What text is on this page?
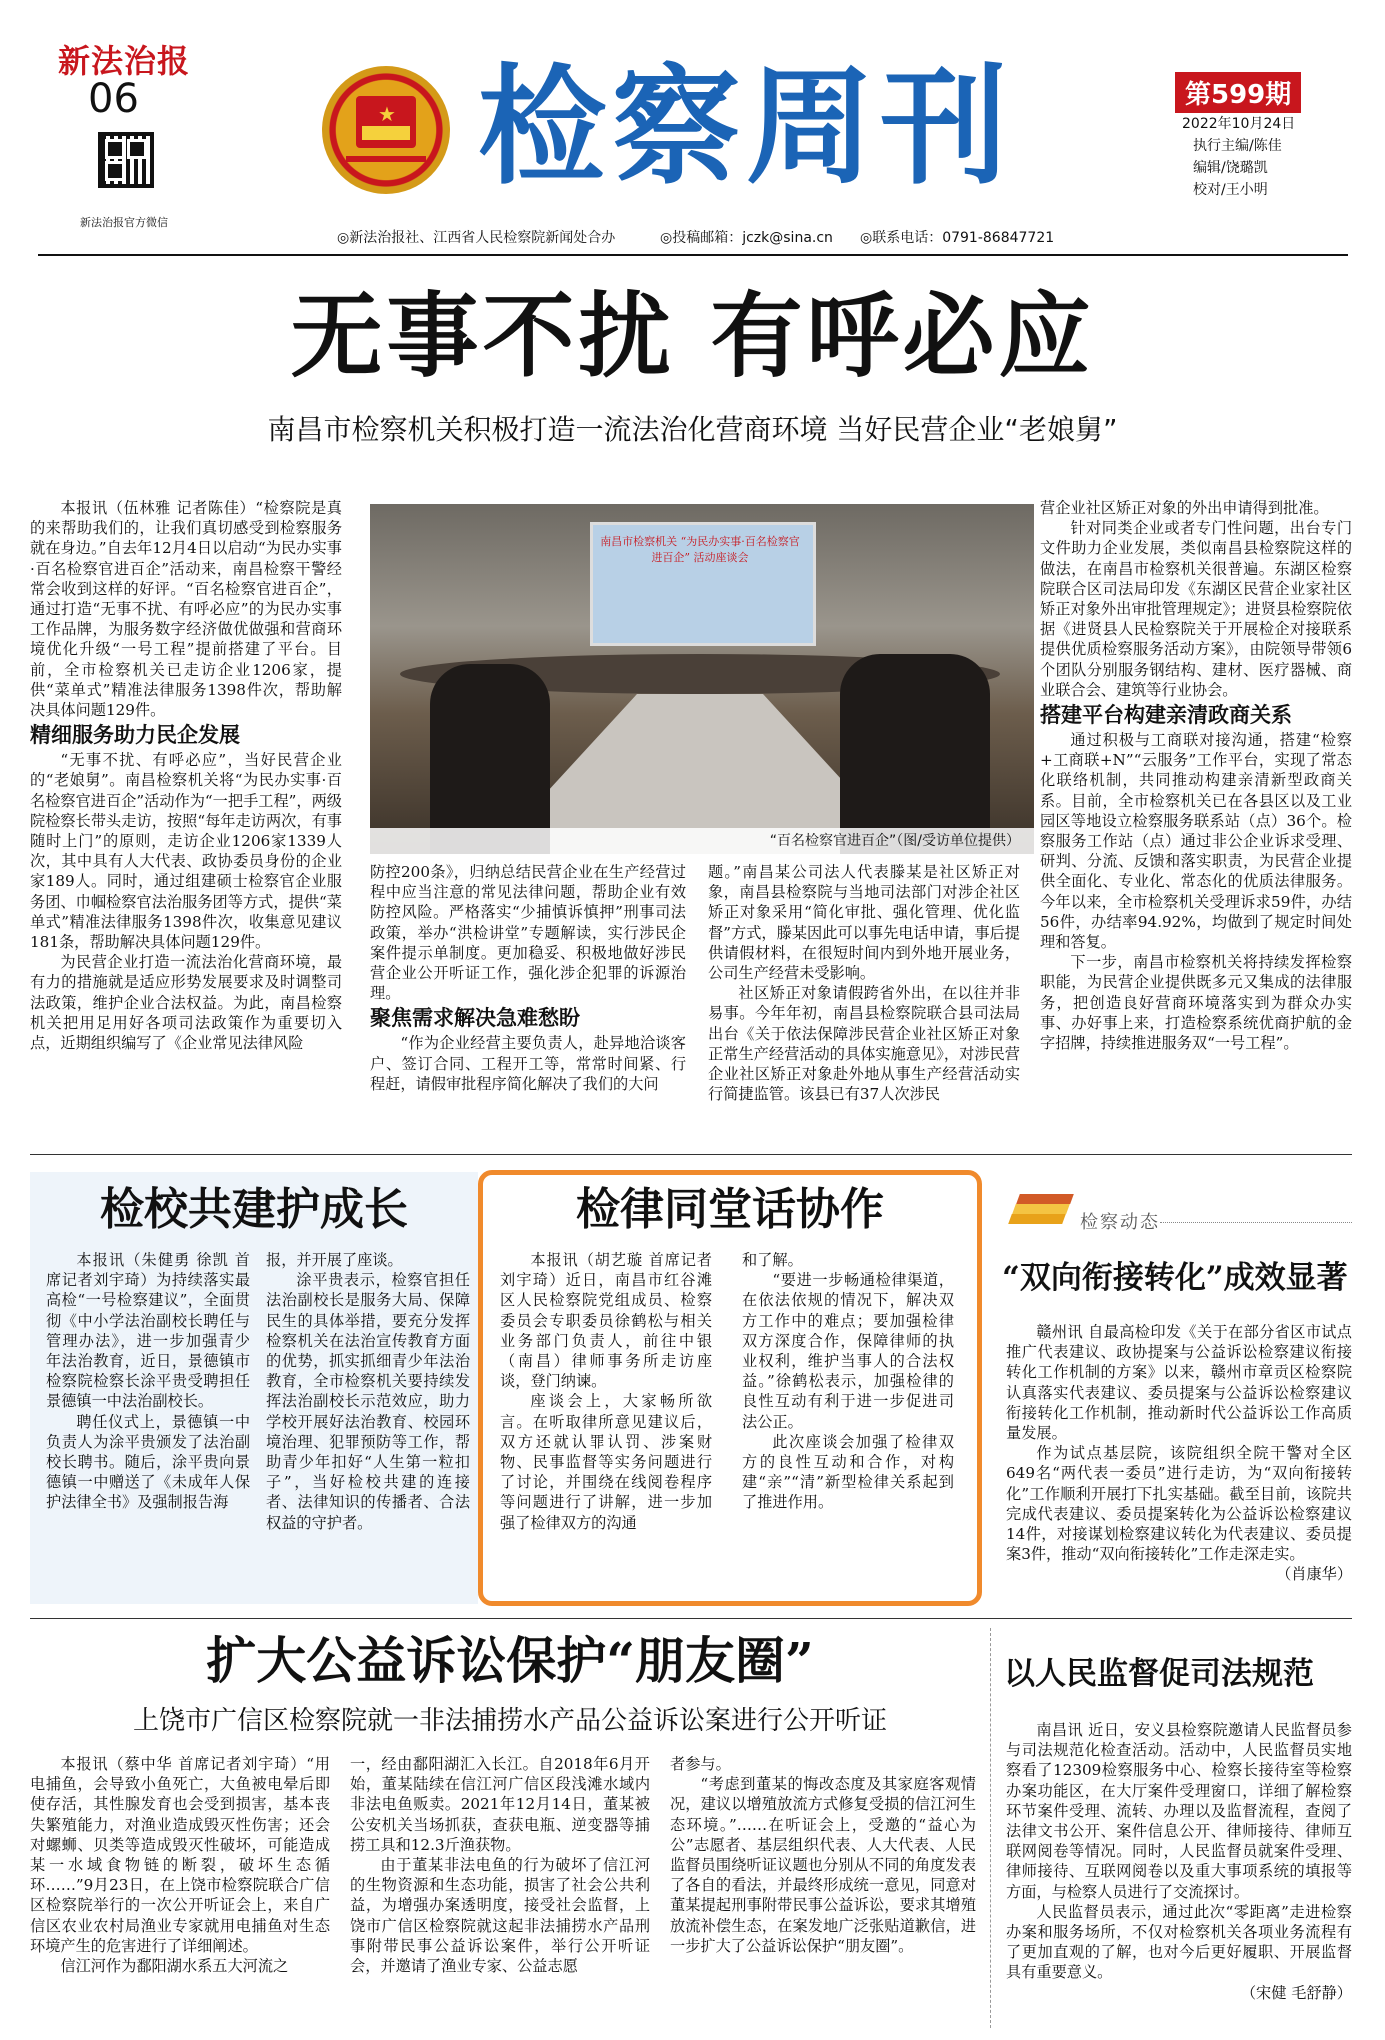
新法治报
06
新法治报官方微信
★ 检察周刊	第599期
2022年10月24日
执行主编/陈佳
编辑/饶璐凯
校对/王小明
◎新法治报社、江西省人民检察院新闻处合办	◎投稿邮箱：jczk@sina.cn ◎联系电话：0791-86847721
无事不扰 有呼必应
南昌市检察机关积极打造一流法治化营商环境 当好民营企业“老娘舅”

本报讯（伍林雅 记者陈佳）“检察院是真的来帮助我们的，让我们真切感受到检察服务就在身边。”自去年12月4日以启动“为民办实事·百名检察官进百企”活动来，南昌检察干警经常会收到这样的好评。“百名检察官进百企”，通过打造“无事不扰、有呼必应”的为民办实事工作品牌，为服务数字经济做优做强和营商环境优化升级“一号工程”提前搭建了平台。目前，全市检察机关已走访企业1206家，提供“菜单式”精准法律服务1398件次，帮助解决具体问题129件。

精细服务助力民企发展

“无事不扰、有呼必应”，当好民营企业的“老娘舅”。南昌检察机关将“为民办实事·百名检察官进百企”活动作为“一把手工程”，两级院检察长带头走访，按照“每年走访两次，有事随时上门”的原则，走访企业1206家1339人次，其中具有人大代表、政协委员身份的企业家189人。同时，通过组建硕士检察官企业服务团、巾帼检察官法治服务团等方式，提供“菜单式”精准法律服务1398件次，收集意见建议181条，帮助解决具体问题129件。

为民营企业打造一流法治化营商环境，最有力的措施就是适应形势发展要求及时调整司法政策，维护企业合法权益。为此，南昌检察机关把用足用好各项司法政策作为重要切入点，近期组织编写了《企业常见法律风险

南昌市检察机关 “为民办实事·百名检察官进百企” 活动座谈会
“百名检察官进百企”（图/受访单位提供）

防控200条》，归纳总结民营企业在生产经营过程中应当注意的常见法律问题，帮助企业有效防控风险。严格落实“少捕慎诉慎押”刑事司法政策，举办“洪检讲堂”专题解读，实行涉民企案件提示单制度。更加稳妥、积极地做好涉民营企业公开听证工作，强化涉企犯罪的诉源治理。

聚焦需求解决急难愁盼

“作为企业经营主要负责人，赴异地洽谈客户、签订合同、工程开工等，常常时间紧、行程赶，请假审批程序简化解决了我们的大问

题。”南昌某公司法人代表滕某是社区矫正对象，南昌县检察院与当地司法部门对涉企社区矫正对象采用“简化审批、强化管理、优化监督”方式，滕某因此可以事先电话申请，事后提供请假材料，在很短时间内到外地开展业务，公司生产经营未受影响。

社区矫正对象请假跨省外出，在以往并非易事。今年年初，南昌县检察院联合县司法局出台《关于依法保障涉民营企业社区矫正对象正常生产经营活动的具体实施意见》，对涉民营企业社区矫正对象赴外地从事生产经营活动实行简捷监管。该县已有37人次涉民

营企业社区矫正对象的外出申请得到批准。

针对同类企业或者专门性问题，出台专门文件助力企业发展，类似南昌县检察院这样的做法，在南昌市检察机关很普遍。东湖区检察院联合区司法局印发《东湖区民营企业家社区矫正对象外出审批管理规定》；进贤县检察院依据《进贤县人民检察院关于开展检企对接联系提供优质检察服务活动方案》，由院领导带领6个团队分别服务钢结构、建材、医疗器械、商业联合会、建筑等行业协会。

搭建平台构建亲清政商关系

通过积极与工商联对接沟通，搭建“检察+工商联+N”“云服务”工作平台，实现了常态化联络机制，共同推动构建亲清新型政商关系。目前，全市检察机关已在各县区以及工业园区等地设立检察服务联系站（点）36个。检察服务工作站（点）通过非公企业诉求受理、研判、分流、反馈和落实职责，为民营企业提供全面化、专业化、常态化的优质法律服务。今年以来，全市检察机关受理诉求59件，办结56件，办结率94.92%，均做到了规定时间处理和答复。

下一步，南昌市检察机关将持续发挥检察职能，为民营企业提供既多元又集成的法律服务，把创造良好营商环境落实到为群众办实事、办好事上来，打造检察系统优商护航的金字招牌，持续推进服务双“一号工程”。

检校共建护成长

本报讯（朱健勇 徐凯 首席记者刘宇琦）为持续落实最高检“一号检察建议”，全面贯彻《中小学法治副校长聘任与管理办法》，进一步加强青少年法治教育，近日，景德镇市检察院检察长涂平贵受聘担任景德镇一中法治副校长。

聘任仪式上，景德镇一中负责人为涂平贵颁发了法治副校长聘书。随后，涂平贵向景德镇一中赠送了《未成年人保护法律全书》及强制报告海

报，并开展了座谈。

涂平贵表示，检察官担任法治副校长是服务大局、保障民生的具体举措，要充分发挥检察机关在法治宣传教育方面的优势，抓实抓细青少年法治教育，全市检察机关要持续发挥法治副校长示范效应，助力学校开展好法治教育、校园环境治理、犯罪预防等工作，帮助青少年扣好“人生第一粒扣子”，当好检校共建的连接者、法律知识的传播者、合法权益的守护者。

检律同堂话协作

本报讯（胡艺璇 首席记者刘宇琦）近日，南昌市红谷滩区人民检察院党组成员、检察委员会专职委员徐鹤松与相关业务部门负责人，前往中银（南昌）律师事务所走访座谈，登门纳谏。

座谈会上，大家畅所欲言。在听取律所意见建议后，双方还就认罪认罚、涉案财物、民事监督等实务问题进行了讨论，并围绕在线阅卷程序等问题进行了讲解，进一步加强了检律双方的沟通

和了解。

“要进一步畅通检律渠道，在依法依规的情况下，解决双方工作中的难点；要加强检律双方深度合作，保障律师的执业权利，维护当事人的合法权益。”徐鹤松表示，加强检律的良性互动有利于进一步促进司法公正。

此次座谈会加强了检律双方的良性互动和合作，对构建“亲”“清”新型检律关系起到了推进作用。

检察动态
“双向衔接转化”成效显著

赣州讯 自最高检印发《关于在部分省区市试点推广代表建议、政协提案与公益诉讼检察建议衔接转化工作机制的方案》以来，赣州市章贡区检察院认真落实代表建议、委员提案与公益诉讼检察建议衔接转化工作机制，推动新时代公益诉讼工作高质量发展。

作为试点基层院，该院组织全院干警对全区649名“两代表一委员”进行走访，为“双向衔接转化”工作顺利开展打下扎实基础。截至目前，该院共完成代表建议、委员提案转化为公益诉讼检察建议14件，对接谋划检察建议转化为代表建议、委员提案3件，推动“双向衔接转化”工作走深走实。

（肖康华）

扩大公益诉讼保护“朋友圈”
上饶市广信区检察院就一非法捕捞水产品公益诉讼案进行公开听证

本报讯（蔡中华 首席记者刘宇琦）“用电捕鱼，会导致小鱼死亡，大鱼被电晕后即使存活，其性腺发育也会受到损害，基本丧失繁殖能力，对渔业造成毁灭性伤害；还会对螺蛳、贝类等造成毁灭性破坏，可能造成某一水域食物链的断裂，破坏生态循环……”9月23日，在上饶市检察院联合广信区检察院举行的一次公开听证会上，来自广信区农业农村局渔业专家就用电捕鱼对生态环境产生的危害进行了详细阐述。

信江河作为鄱阳湖水系五大河流之

一，经由鄱阳湖汇入长江。自2018年6月开始，董某陆续在信江河广信区段浅滩水域内非法电鱼贩卖。2021年12月14日，董某被公安机关当场抓获，查获电瓶、逆变器等捕捞工具和12.3斤渔获物。

由于董某非法电鱼的行为破坏了信江河的生物资源和生态功能，损害了社会公共利益，为增强办案透明度，接受社会监督，上饶市广信区检察院就这起非法捕捞水产品刑事附带民事公益诉讼案件，举行公开听证会，并邀请了渔业专家、公益志愿

者参与。

“考虑到董某的悔改态度及其家庭客观情况，建议以增殖放流方式修复受损的信江河生态环境。”……在听证会上，受邀的“益心为公”志愿者、基层组织代表、人大代表、人民监督员围绕听证议题也分别从不同的角度发表了各自的看法，并最终形成统一意见，同意对董某提起刑事附带民事公益诉讼，要求其增殖放流补偿生态，在案发地广泛张贴道歉信，进一步扩大了公益诉讼保护“朋友圈”。

以人民监督促司法规范

南昌讯 近日，安义县检察院邀请人民监督员参与司法规范化检查活动。活动中，人民监督员实地察看了12309检察服务中心、检察长接待室等检察办案功能区，在大厅案件受理窗口，详细了解检察环节案件受理、流转、办理以及监督流程，查阅了法律文书公开、案件信息公开、律师接待、律师互联网阅卷等情况。同时，人民监督员就案件受理、律师接待、互联网阅卷以及重大事项系统的填报等方面，与检察人员进行了交流探讨。

人民监督员表示，通过此次“零距离”走进检察办案和服务场所，不仅对检察机关各项业务流程有了更加直观的了解，也对今后更好履职、开展监督具有重要意义。

（宋健 毛舒静）
